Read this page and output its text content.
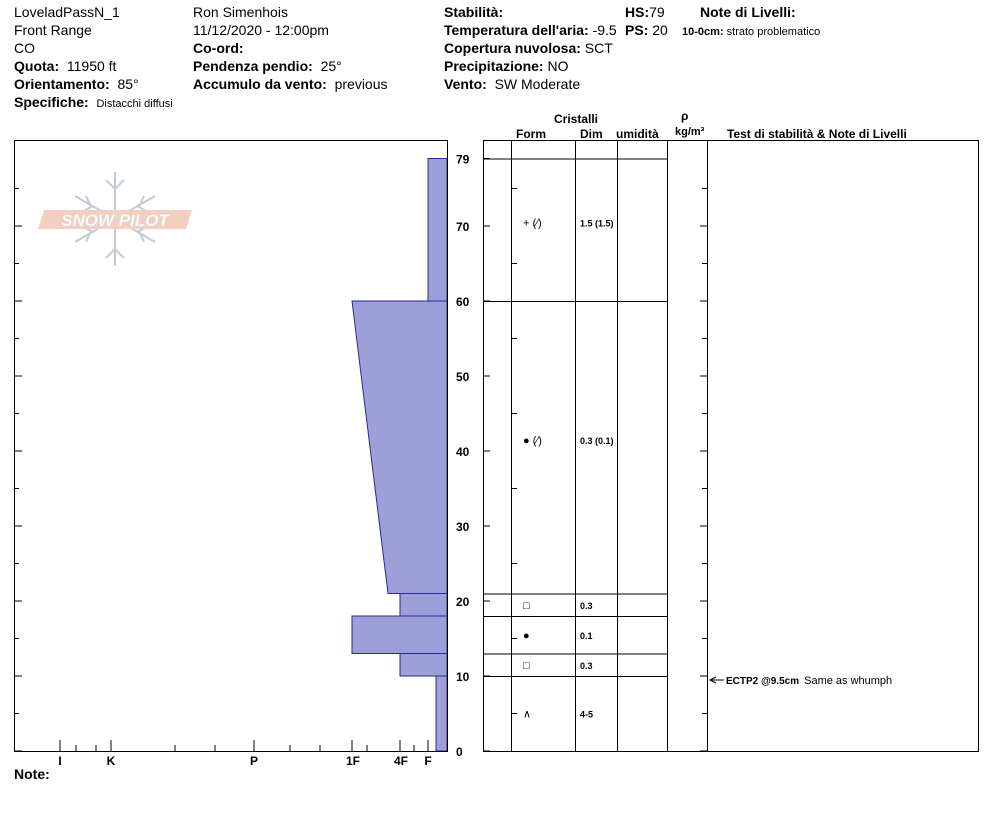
LoveladPassN_1
Front Range
CO
Quota: 11950 ft
Orientamento: 85°
Specifiche: Distacchi diffusi
Ron Simenhois
11/12/2020 - 12:00pm
Co-ord:
Pendenza pendio: 25°
Accumulo da vento: previous
Stabilità:
Temperatura dell'aria: -9.5
Copertura nuvolosa: SCT
Precipitazione: NO
Vento: SW Moderate
HS:79
PS: 20
Note di Livelli:
10-0cm: strato problematico
Cristalli
Form	Dim umidità
ρ
kg/m³ Test di stabilità & Note di Livelli
Note:
SNOW PILOT
0
10
20
30
40
50
60
70
79
I	K	P	1F	4F F
+ (⁄)	1.5 (1.5)
● (⁄)	0.3 (0.1)
□	0.3
●	0.1
□	0.3
∧	4-5
ECTP2 @9.5cm Same as whumph
